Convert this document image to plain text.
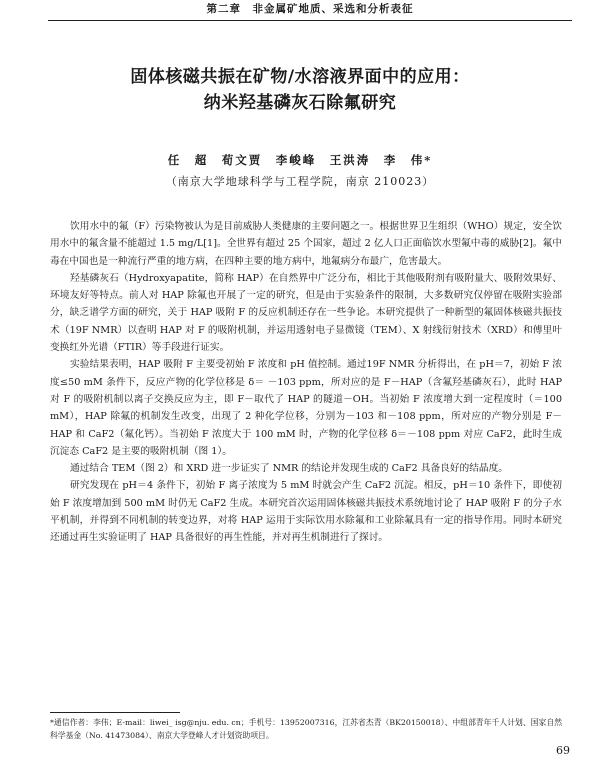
第二章　非金属矿地质、采选和分析表征
固体核磁共振在矿物/水溶液界面中的应用：
纳米羟基磷灰石除氟研究
任　超　荀文贾　李峻峰　王洪涛　李　伟*
（南京大学地球科学与工程学院，南京 210023）

饮用水中的氟（F）污染物被认为是目前威胁人类健康的主要问题之一。根据世界卫生组织（WHO）规定，安全饮用水中的氟含量不能超过 1.5 mg/L[1]。全世界有超过 25 个国家，超过 2 亿人口正面临饮水型氟中毒的威胁[2]。氟中毒在中国也是一种流行严重的地方病，在四种主要的地方病中，地氟病分布最广，危害最大。

羟基磷灰石（Hydroxyapatite，简称 HAP）在自然界中广泛分布，相比于其他吸附剂有吸附量大、吸附效果好、环境友好等特点。前人对 HAP 除氟也开展了一定的研究，但是由于实验条件的限制，大多数研究仅停留在吸附实验部分，缺乏谱学方面的研究，关于 HAP 吸附 F 的反应机制还存在一些争论。本研究提供了一种新型的氟固体核磁共振技术（19F NMR）以查明 HAP 对 F 的吸附机制，并运用透射电子显微镜（TEM）、X 射线衍射技术（XRD）和傅里叶变换红外光谱（FTIR）等手段进行证实。

实验结果表明，HAP 吸附 F 主要受初始 F 浓度和 pH 值控制。通过19F NMR 分析得出，在 pH＝7，初始 F 浓度≤50 mM 条件下，反应产物的化学位移是 δ＝ －103 ppm，所对应的是 F－HAP（含氟羟基磷灰石），此时 HAP 对 F 的吸附机制以离子交换反应为主，即 F－取代了 HAP 的隧道－OH。当初始 F 浓度增大到一定程度时（＝100 mM），HAP 除氟的机制发生改变，出现了 2 种化学位移，分别为－103 和－108 ppm，所对应的产物分别是 F－HAP 和 CaF2（氟化钙）。当初始 F 浓度大于 100 mM 时，产物的化学位移 δ＝－108 ppm 对应 CaF2，此时生成沉淀态 CaF2 是主要的吸附机制（图 1）。

通过结合 TEM（图 2）和 XRD 进一步证实了 NMR 的结论并发现生成的 CaF2 具备良好的结晶度。

研究发现在 pH＝4 条件下，初始 F 离子浓度为 5 mM 时就会产生 CaF2 沉淀。相反，pH＝10 条件下，即使初始 F 浓度增加到 500 mM 时仍无 CaF2 生成。本研究首次运用固体核磁共振技术系统地讨论了 HAP 吸附 F 的分子水平机制，并得到不同机制的转变边界，对将 HAP 运用于实际饮用水除氟和工业除氟具有一定的指导作用。同时本研究还通过再生实验证明了 HAP 具备很好的再生性能，并对再生机制进行了探讨。

*通信作者：李伟；E-mail：liwei_ isg@nju. edu. cn；手机号：13952007316，江苏省杰青（BK20150018）、中组部青年千人计划、国家自然科学基金（No. 41473084）、南京大学登峰人才计划资助项目。
69
